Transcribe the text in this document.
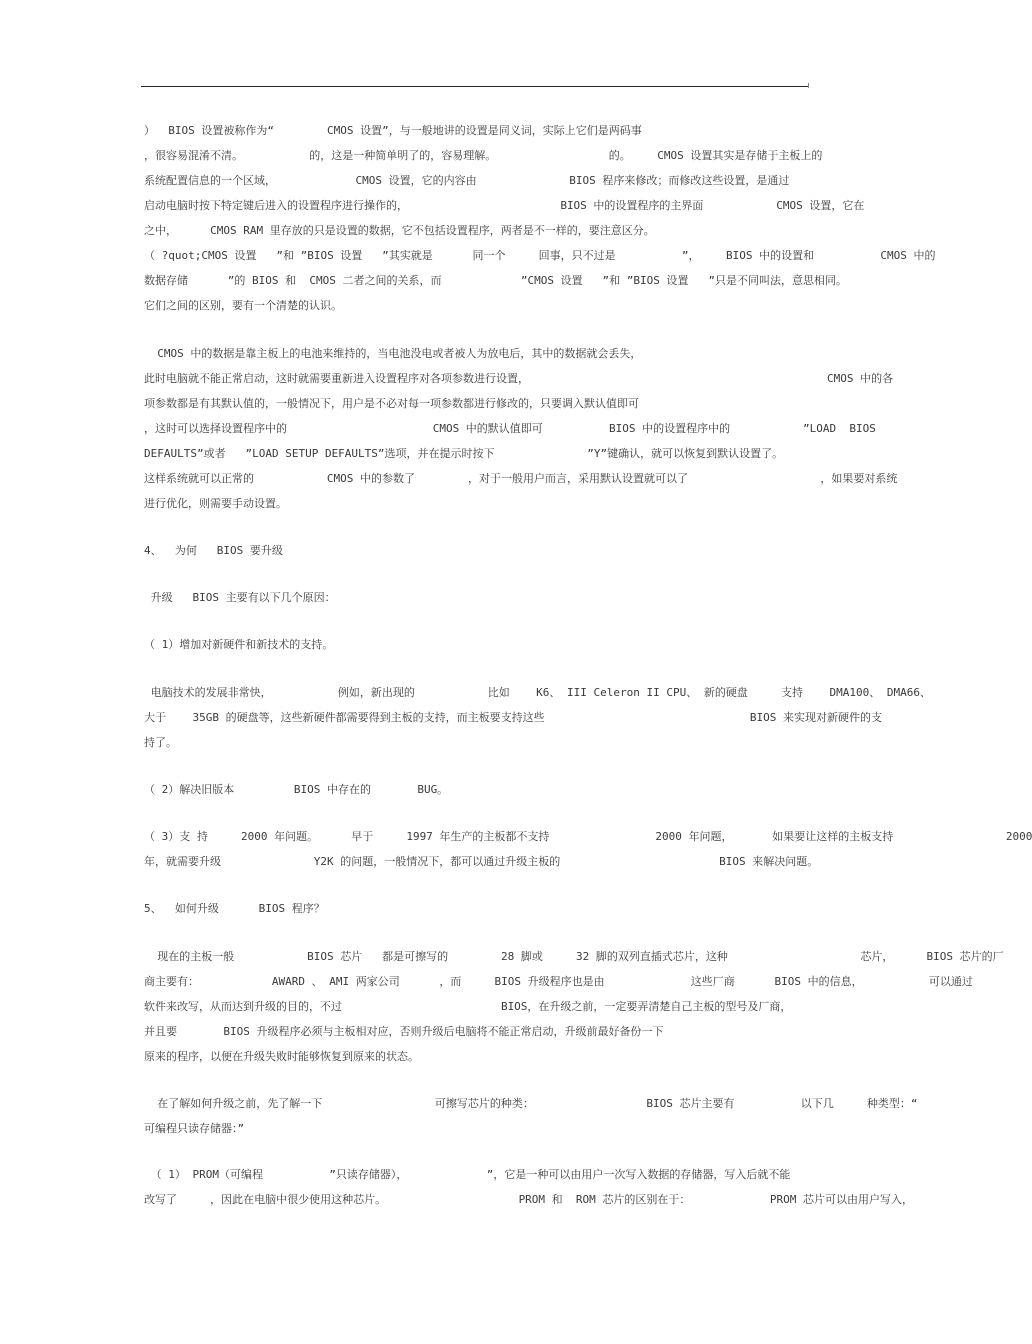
）  BIOS 设置被称作为“        CMOS 设置”，与一般地讲的设置是同义词，实际上它们是两码事
，很容易混淆不清。          的，这是一种简单明了的，容易理解。                 的。    CMOS 设置其实是存储于主板上的
系统配置信息的一个区域，            CMOS 设置，它的内容由              BIOS 程序来修改；而修改这些设置，是通过
启动电脑时按下特定键后进入的设置程序进行操作的，                       BIOS 中的设置程序的主界面           CMOS 设置，它在
之中，     CMOS RAM 里存放的只是设置的数据，它不包括设置程序，两者是不一样的，要注意区分。
（ ?quot;CMOS 设置   ”和 ”BIOS 设置   ”其实就是      同一个     回事，只不过是          ”，    BIOS 中的设置和          CMOS 中的
数据存储      ”的 BIOS 和  CMOS 二者之间的关系，而            ”CMOS 设置   ”和 ”BIOS 设置   ”只是不同叫法，意思相同。
它们之间的区别，要有一个清楚的认识。
CMOS 中的数据是靠主板上的电池来维持的，当电池没电或者被人为放电后，其中的数据就会丢失，
此时电脑就不能正常启动，这时就需要重新进入设置程序对各项参数进行设置，                                             CMOS 中的各
项参数都是有其默认值的，一般情况下，用户是不必对每一项参数都进行修改的，只要调入默认值即可
，这时可以选择设置程序中的                      CMOS 中的默认值即可          BIOS 中的设置程序中的           ”LOAD  BIOS
DEFAULTS”或者   ”LOAD SETUP DEFAULTS”选项，并在提示时按下              ”Y”键确认，就可以恢复到默认设置了。
这样系统就可以正常的           CMOS 中的参数了        ，对于一般用户而言，采用默认设置就可以了                    ，如果要对系统
进行优化，则需要手动设置。
4、  为何   BIOS 要升级
升级   BIOS 主要有以下几个原因：
（ 1）增加对新硬件和新技术的支持。
电脑技术的发展非常快，          例如，新出现的           比如    K6、 III Celeron II CPU、 新的硬盘     支持    DMA100、 DMA66、
大于    35GB 的硬盘等，这些新硬件都需要得到主板的支持，而主板要支持这些                               BIOS 来实现对新硬件的支
持了。
（ 2）解决旧版本         BIOS 中存在的       BUG。
（ 3）支 持     2000 年问题。     早于     1997 年生产的主板都不支持                2000 年问题，      如果要让这样的主板支持                 2000
年，就需要升级              Y2K 的问题，一般情况下，都可以通过升级主板的                        BIOS 来解决问题。
5、  如何升级      BIOS 程序？
现在的主板一般           BIOS 芯片   都是可擦写的        28 脚或     32 脚的双列直插式芯片，这种                    芯片，     BIOS 芯片的厂
商主要有：           AWARD 、 AMI 两家公司      ，而     BIOS 升级程序也是由             这些厂商      BIOS 中的信息，          可以通过
软件来改写，从而达到升级的目的，不过                        BIOS，在升级之前，一定要弄清楚自己主板的型号及厂商，
并且要       BIOS 升级程序必须与主板相对应，否则升级后电脑将不能正常启动，升级前最好备份一下
原来的程序，以便在升级失败时能够恢复到原来的状态。
在了解如何升级之前，先了解一下                 可擦写芯片的种类：                 BIOS 芯片主要有          以下几     种类型：“
可编程只读存储器：”
（ 1） PROM（可编程          ”只读存储器），            ”，它是一种可以由用户一次写入数据的存储器，写入后就不能
改写了     ，因此在电脑中很少使用这种芯片。                    PROM 和  ROM 芯片的区别在于：            PROM 芯片可以由用户写入，
